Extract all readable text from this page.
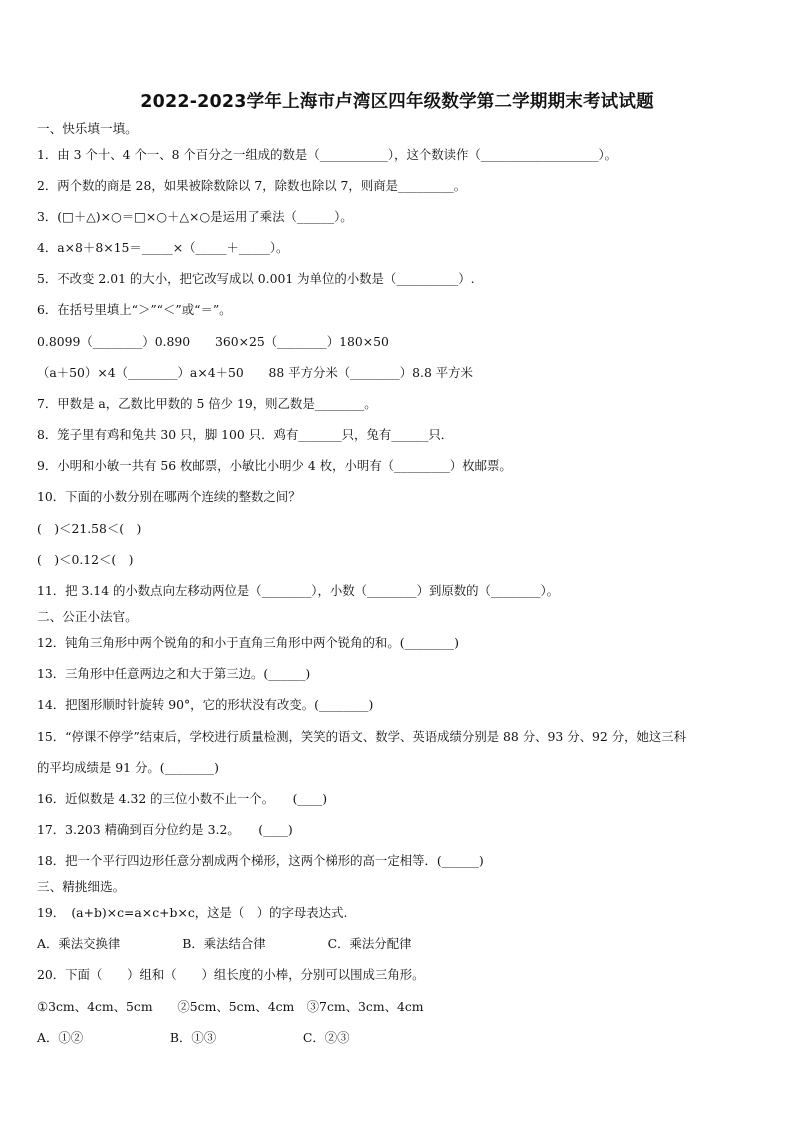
2022-2023学年上海市卢湾区四年级数学第二学期期末考试试题
一、快乐填一填。
1．由 3 个十、4 个一、8 个百分之一组成的数是（___________），这个数读作（___________________）。
2．两个数的商是 28，如果被除数除以 7，除数也除以 7，则商是_________。
3．(□＋△)×○＝□×○＋△×○是运用了乘法（______）。
4．a×8＋8×15＝_____×（_____＋_____）。
5．不改变 2.01 的大小，把它改写成以 0.001 为单位的小数是（__________）.
6．在括号里填上“＞”“＜”或“＝”。
0.8099（________）0.890　　360×25（________）180×50
（a＋50）×4（________）a×4＋50　　88 平方分米（________）8.8 平方米
7．甲数是 a，乙数比甲数的 5 倍少 19，则乙数是________。
8．笼子里有鸡和兔共 30 只，脚 100 只．鸡有_______只，兔有______只．
9．小明和小敏一共有 56 枚邮票，小敏比小明少 4 枚，小明有（_________）枚邮票。
10．下面的小数分别在哪两个连续的整数之间？
(　)＜21.58＜(　)
(　)＜0.12＜(　)
11．把 3.14 的小数点向左移动两位是（________），小数（________）到原数的（________）。
二、公正小法官。
12．钝角三角形中两个锐角的和小于直角三角形中两个锐角的和。(________)
13．三角形中任意两边之和大于第三边。(______)
14．把图形顺时针旋转 90°，它的形状没有改变。(________)
15．“停课不停学”结束后，学校进行质量检测，笑笑的语文、数学、英语成绩分别是 88 分、93 分、92 分，她这三科
的平均成绩是 91 分。(________)
16．近似数是 4.32 的三位小数不止一个。　　(____)
17．3.203 精确到百分位约是 3.2。　　(____)
18．把一个平行四边形任意分割成两个梯形，这两个梯形的高一定相等．(______)
三、精挑细选。
19．　(a+b)×c=a×c+b×c，这是（　）的字母表达式.
A．乘法交换律　　　　　B．乘法结合律　　　　　C．乘法分配律
20．下面（　　）组和（　　）组长度的小棒，分别可以围成三角形。
①3cm、4cm、5cm　　②5cm、5cm、4cm　③7cm、3cm、4cm
A．①②　　　　　　　B．①③　　　　　　　C．②③
